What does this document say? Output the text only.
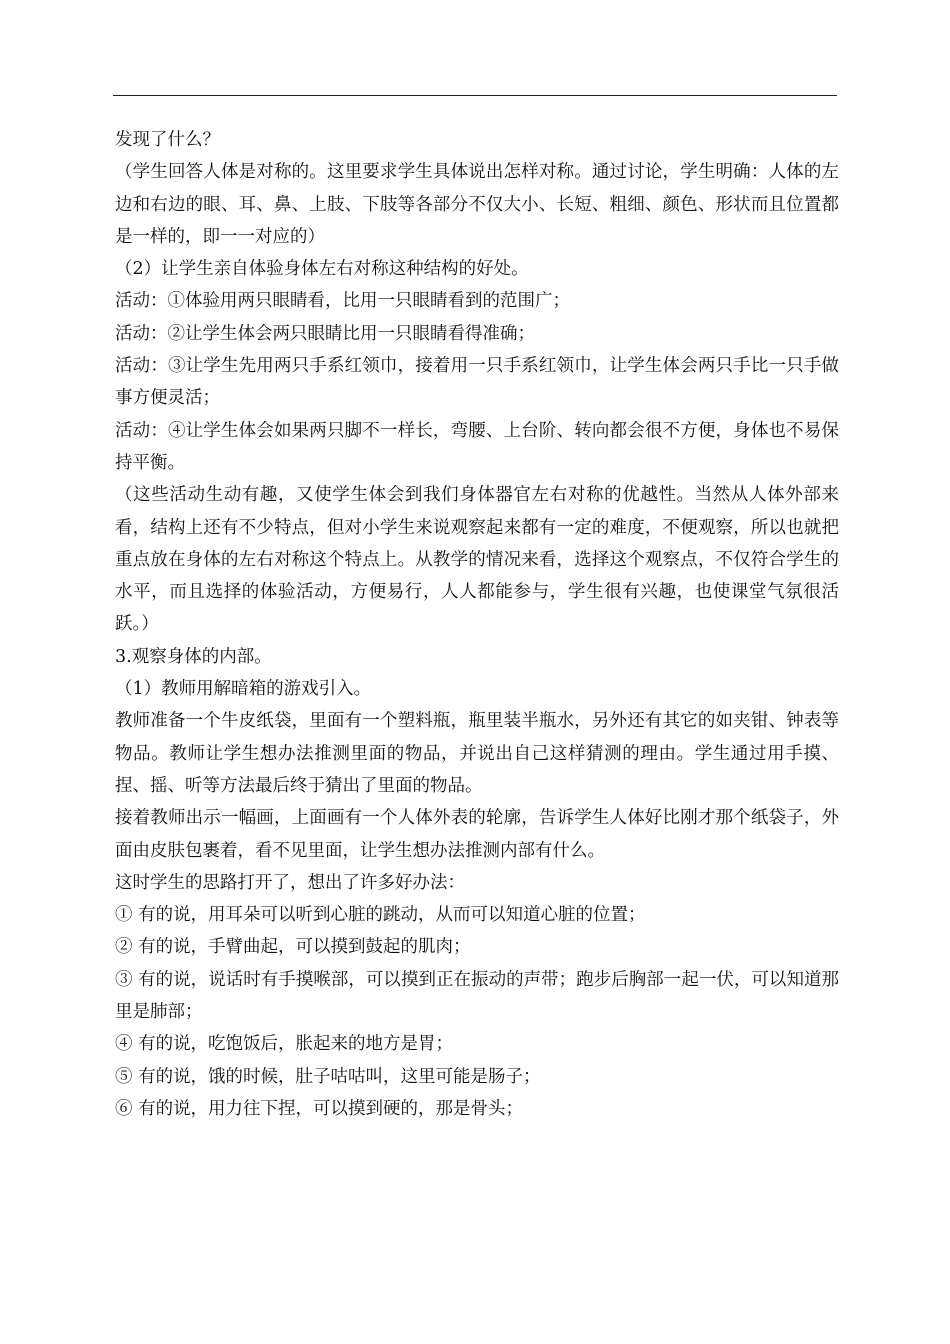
发现了什么？

（学生回答人体是对称的。这里要求学生具体说出怎样对称。通过讨论，学生明确：人体的左边和右边的眼、耳、鼻、上肢、下肢等各部分不仅大小、长短、粗细、颜色、形状而且位置都是一样的，即一一对应的）

（2）让学生亲自体验身体左右对称这种结构的好处。

活动：①体验用两只眼睛看，比用一只眼睛看到的范围广；

活动：②让学生体会两只眼睛比用一只眼睛看得准确；

活动：③让学生先用两只手系红领巾，接着用一只手系红领巾，让学生体会两只手比一只手做事方便灵活；

活动：④让学生体会如果两只脚不一样长，弯腰、上台阶、转向都会很不方便，身体也不易保持平衡。

（这些活动生动有趣，又使学生体会到我们身体器官左右对称的优越性。当然从人体外部来看，结构上还有不少特点，但对小学生来说观察起来都有一定的难度，不便观察，所以也就把重点放在身体的左右对称这个特点上。从教学的情况来看，选择这个观察点，不仅符合学生的水平，而且选择的体验活动，方便易行，人人都能参与，学生很有兴趣，也使课堂气氛很活跃。）

3.观察身体的内部。

（1）教师用解暗箱的游戏引入。

教师准备一个牛皮纸袋，里面有一个塑料瓶，瓶里装半瓶水，另外还有其它的如夹钳、钟表等物品。教师让学生想办法推测里面的物品，并说出自己这样猜测的理由。学生通过用手摸、捏、摇、听等方法最后终于猜出了里面的物品。

接着教师出示一幅画，上面画有一个人体外表的轮廓，告诉学生人体好比刚才那个纸袋子，外面由皮肤包裹着，看不见里面，让学生想办法推测内部有什么。

这时学生的思路打开了，想出了许多好办法：

① 有的说，用耳朵可以听到心脏的跳动，从而可以知道心脏的位置；

② 有的说，手臂曲起，可以摸到鼓起的肌肉；

③ 有的说，说话时有手摸喉部，可以摸到正在振动的声带；跑步后胸部一起一伏，可以知道那里是肺部；

④ 有的说，吃饱饭后，胀起来的地方是胃；

⑤ 有的说，饿的时候，肚子咕咕叫，这里可能是肠子；

⑥ 有的说，用力往下捏，可以摸到硬的，那是骨头；
